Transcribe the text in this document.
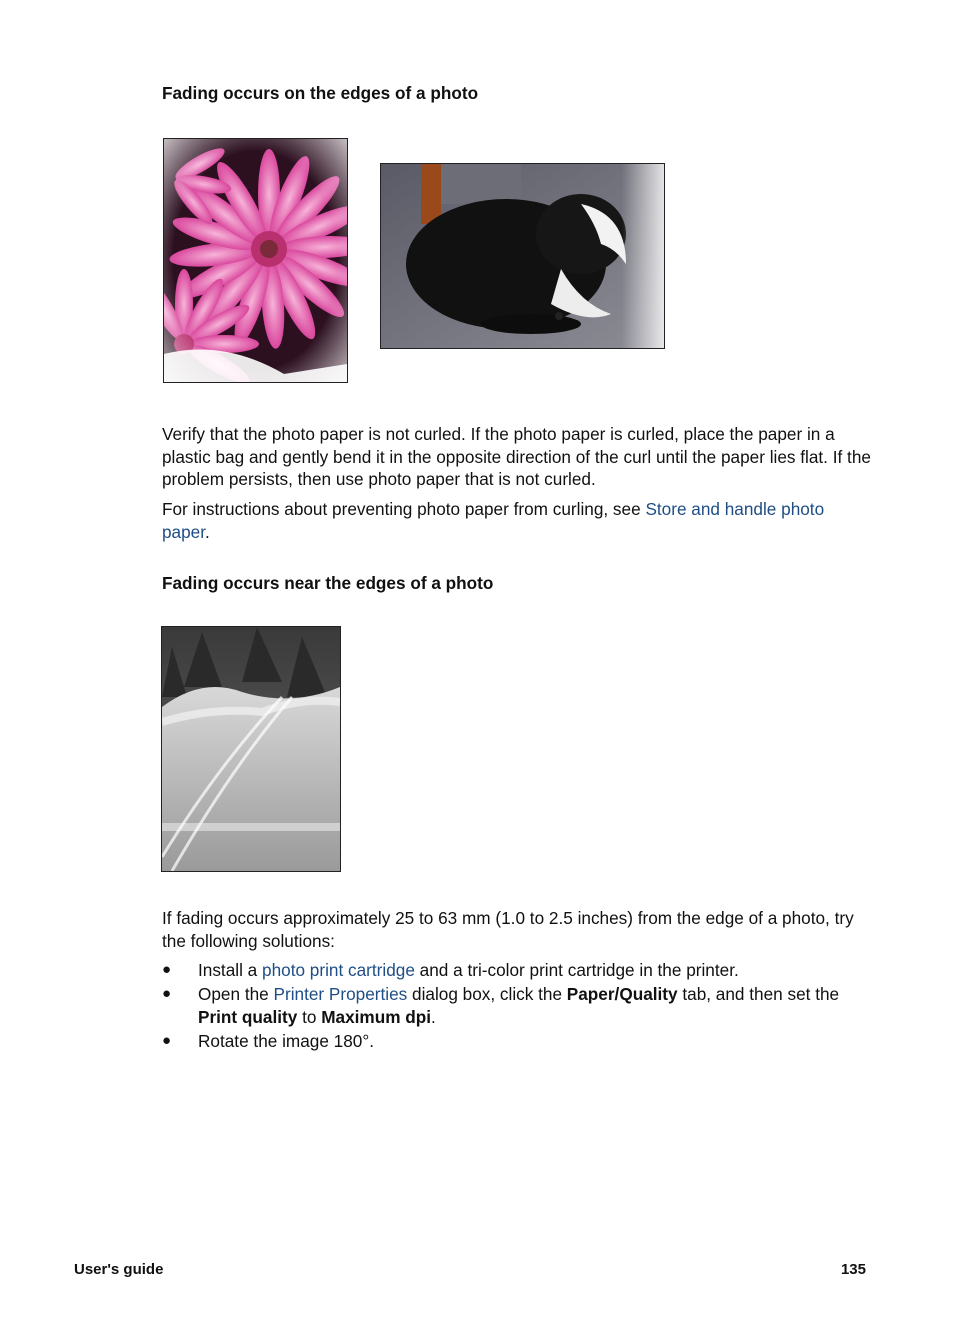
Fading occurs on the edges of a photo

Verify that the photo paper is not curled. If the photo paper is curled, place the paper in a plastic bag and gently bend it in the opposite direction of the curl until the paper lies flat. If the problem persists, then use photo paper that is not curled.

For instructions about preventing photo paper from curling, see Store and handle photo paper.

Fading occurs near the edges of a photo

If fading occurs approximately 25 to 63 mm (1.0 to 2.5 inches) from the edge of a photo, try the following solutions:

● Install a photo print cartridge and a tri-color print cartridge in the printer.
● Open the Printer Properties dialog box, click the Paper/Quality tab, and then set the Print quality to Maximum dpi.
● Rotate the image 180°.
User's guide	135
